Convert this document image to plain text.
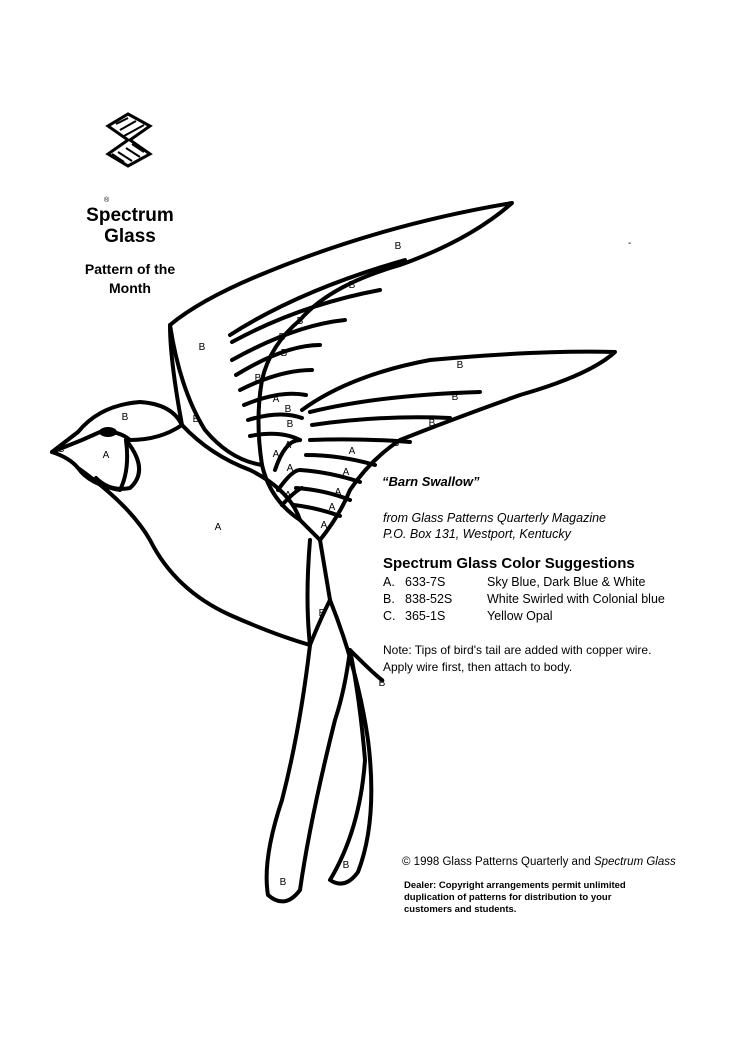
®
Spectrum
Glass
Pattern of the
Month
C
A
B
A
B
B
B
B
B
B
B
B
A
B
B
A
A
A
A
B
B
B
B
A
A
A
A
A
B
B
B
B
-
“Barn Swallow”
from Glass Patterns Quarterly Magazine
P.O. Box 131, Westport, Kentucky
Spectrum Glass Color Suggestions
A. 633-7S	Sky Blue, Dark Blue & White
B. 838-52S	White Swirled with Colonial blue
C. 365-1S	Yellow Opal
Note: Tips of bird's tail are added with copper wire.
Apply wire first, then attach to body.
© 1998 Glass Patterns Quarterly and Spectrum Glass
Dealer: Copyright arrangements permit unlimited
duplication of patterns for distribution to your
customers and students.
